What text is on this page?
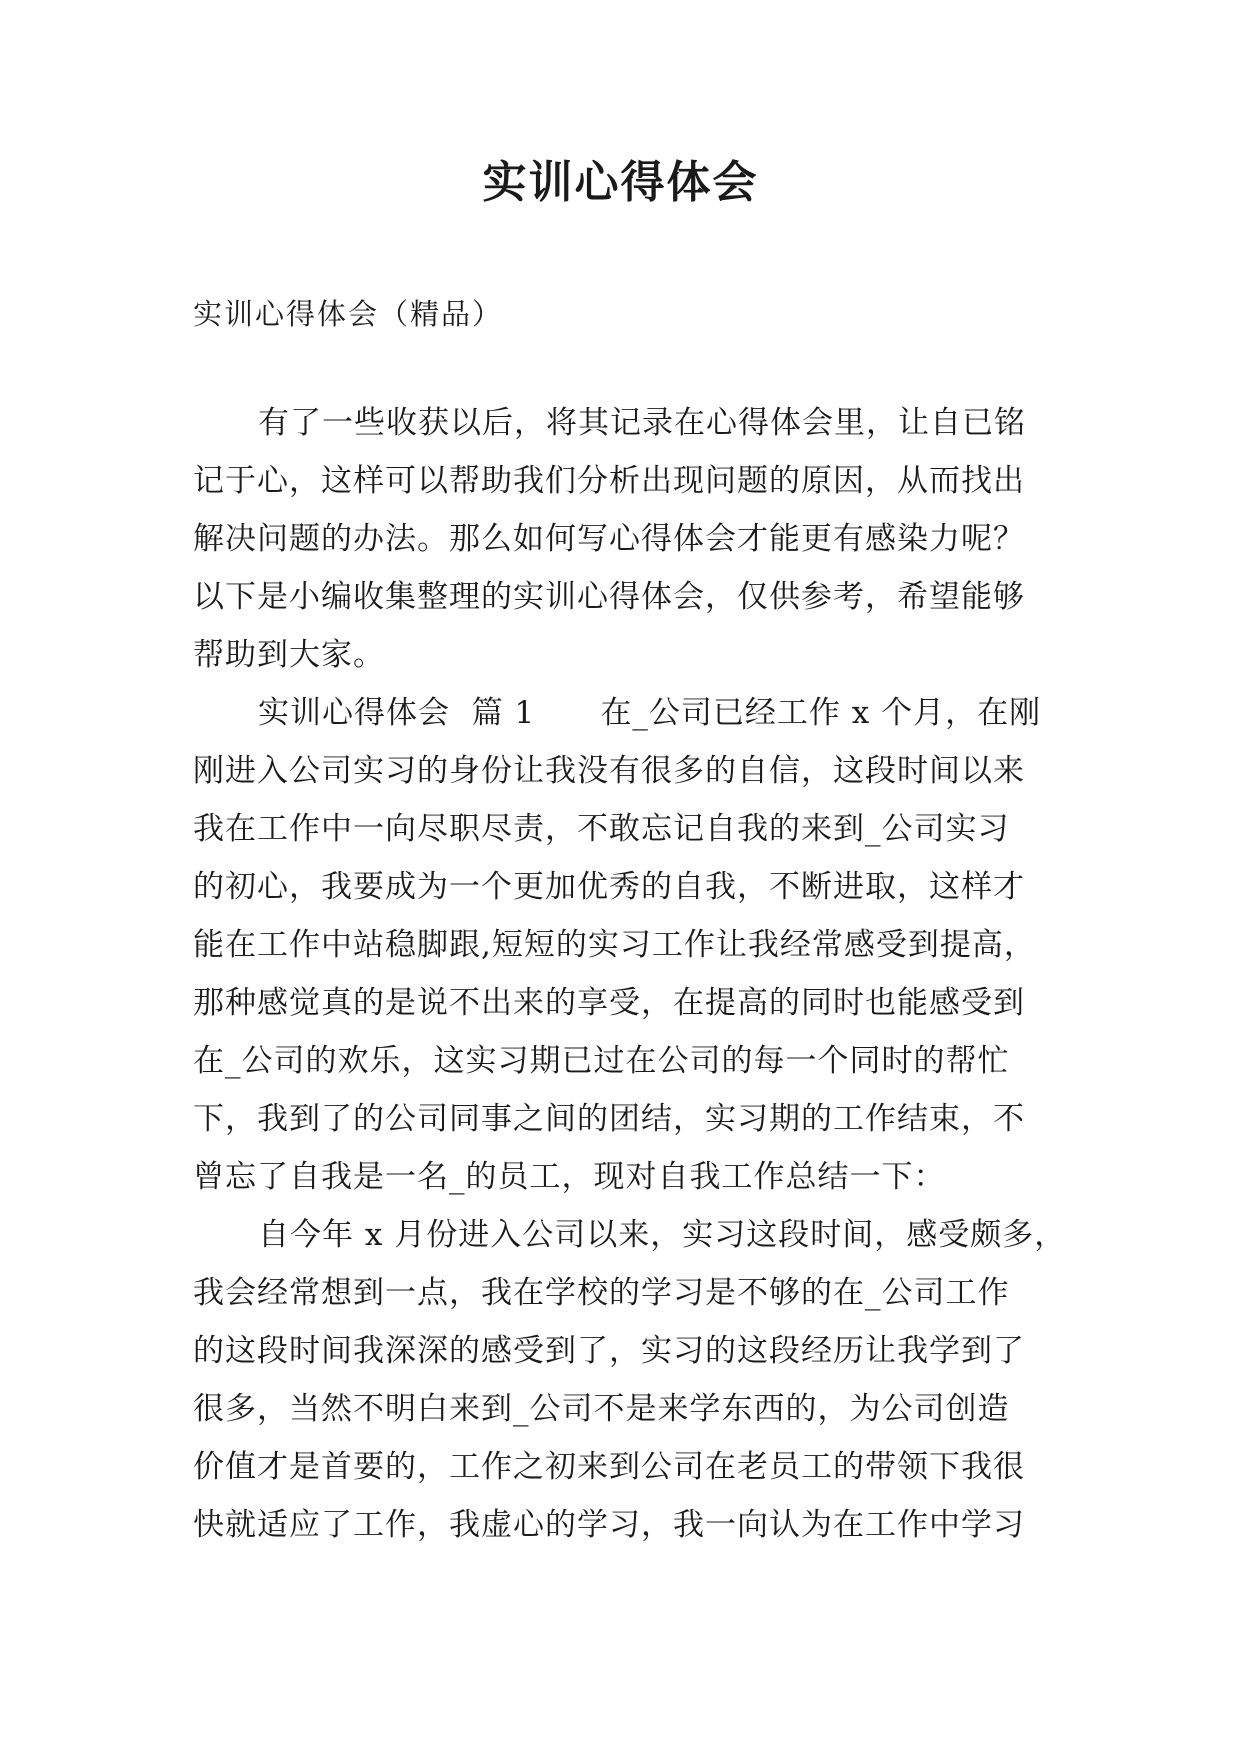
实训心得体会
实训心得体会（精品）
有了一些收获以后，将其记录在心得体会里，让自已铭
记于心，这样可以帮助我们分析出现问题的原因，从而找出
解决问题的办法。那么如何写心得体会才能更有感染力呢？
以下是小编收集整理的实训心得体会，仅供参考，希望能够
帮助到大家。
实训心得体会  篇 1      在_公司已经工作 x 个月，在刚
刚进入公司实习的身份让我没有很多的自信，这段时间以来
我在工作中一向尽职尽责，不敢忘记自我的来到_公司实习
的初心，我要成为一个更加优秀的自我，不断进取，这样才
能在工作中站稳脚跟,短短的实习工作让我经常感受到提高，
那种感觉真的是说不出来的享受，在提高的同时也能感受到
在_公司的欢乐，这实习期已过在公司的每一个同时的帮忙
下，我到了的公司同事之间的团结，实习期的工作结束，不
曾忘了自我是一名_的员工，现对自我工作总结一下：
自今年 x 月份进入公司以来，实习这段时间，感受颇多，
我会经常想到一点，我在学校的学习是不够的在_公司工作
的这段时间我深深的感受到了，实习的这段经历让我学到了
很多，当然不明白来到_公司不是来学东西的，为公司创造
价值才是首要的，工作之初来到公司在老员工的带领下我很
快就适应了工作，我虚心的学习，我一向认为在工作中学习
